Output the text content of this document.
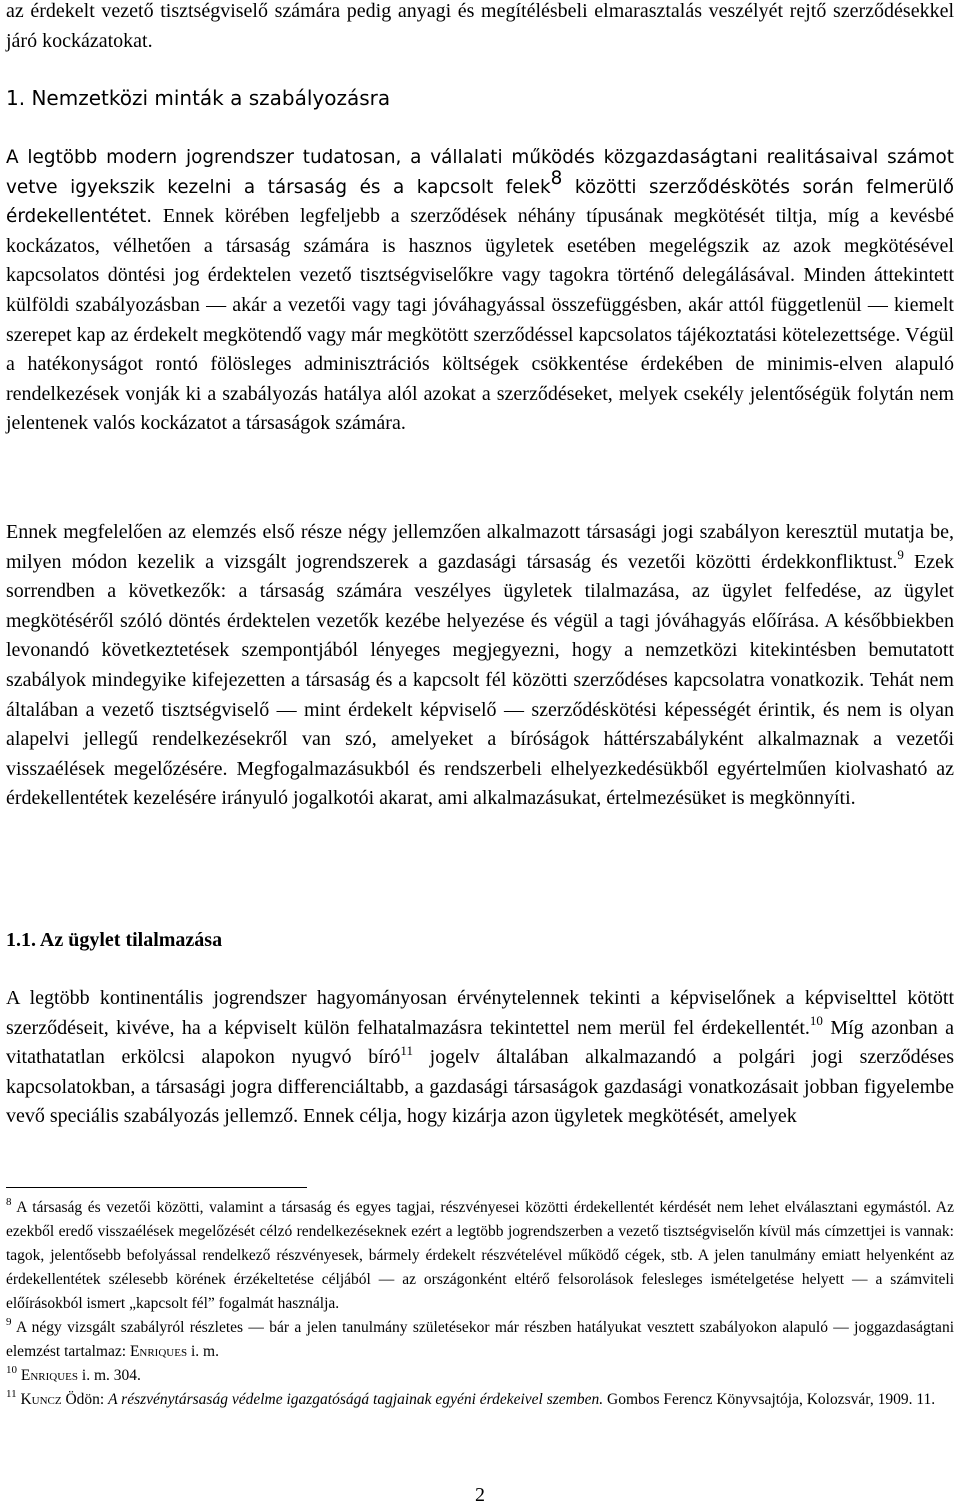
az érdekelt vezető tisztségviselő számára pedig anyagi és megítélésbeli elmarasztalás veszélyét rejtő szerződésekkel járó kockázatokat.

1. Nemzetközi minták a szabályozásra

A legtöbb modern jogrendszer tudatosan, a vállalati működés közgazdaságtani realitásaival számot vetve igyekszik kezelni a társaság és a kapcsolt felek$^8$ közötti szerződéskötés során felmerülő érdekellentétet. Ennek körében legfeljebb a szerződések néhány típusának megkötését tiltja, míg a kevésbé kockázatos, vélhetően a társaság számára is hasznos ügyletek esetében megelégszik az azok megkötésével kapcsolatos döntési jog érdektelen vezető tisztségviselőkre vagy tagokra történő delegálásával. Minden áttekintett külföldi szabályozásban ― akár a vezetői vagy tagi jóváhagyással összefüggésben, akár attól függetlenül ― kiemelt szerepet kap az érdekelt megkötendő vagy már megkötött szerződéssel kapcsolatos tájékoztatási kötelezettsége. Végül a hatékonyságot rontó fölösleges adminisztrációs költségek csökkentése érdekében de minimis-elven alapuló rendelkezések vonják ki a szabályozás hatálya alól azokat a szerződéseket, melyek csekély jelentőségük folytán nem jelentenek valós kockázatot a társaságok számára.

Ennek megfelelően az elemzés első része négy jellemzően alkalmazott társasági jogi szabályon keresztül mutatja be, milyen módon kezelik a vizsgált jogrendszerek a gazdasági társaság és vezetői közötti érdekkonfliktust.$^9$ Ezek sorrendben a következők: a társaság számára veszélyes ügyletek tilalmazása, az ügylet felfedése, az ügylet megkötéséről szóló döntés érdektelen vezetők kezébe helyezése és végül a tagi jóváhagyás előírása. A későbbiekben levonandó következtetések szempontjából lényeges megjegyezni, hogy a nemzetközi kitekintésben bemutatott szabályok mindegyike kifejezetten a társaság és a kapcsolt fél közötti szerződéses kapcsolatra vonatkozik. Tehát nem általában a vezető tisztségviselő ― mint érdekelt képviselő ― szerződéskötési képességét érintik, és nem is olyan alapelvi jellegű rendelkezésekről van szó, amelyeket a bíróságok háttérszabályként alkalmaznak a vezetői visszaélések megelőzésére. Megfogalmazásukból és rendszerbeli elhelyezkedésükből egyértelműen kiolvasható az érdekellentétek kezelésére irányuló jogalkotói akarat, ami alkalmazásukat, értelmezésüket is megkönnyíti.

1.1. Az ügylet tilalmazása

A legtöbb kontinentális jogrendszer hagyományosan érvénytelennek tekinti a képviselőnek a képviselttel kötött szerződéseit, kivéve, ha a képviselt külön felhatalmazásra tekintettel nem merül fel érdekellentét.$^{10}$ Míg azonban a vitathatatlan erkölcsi alapokon nyugvó bíró$^{11}$ jogelv általában alkalmazandó a polgári jogi szerződéses kapcsolatokban, a társasági jogra differenciáltabb, a gazdasági társaságok gazdasági vonatkozásait jobban figyelembe vevő speciális szabályozás jellemző. Ennek célja, hogy kizárja azon ügyletek megkötését, amelyek

$^8$ A társaság és vezetői közötti, valamint a társaság és egyes tagjai, részvényesei közötti érdekellentét kérdését nem lehet elválasztani egymástól. Az ezekből eredő visszaélések megelőzését célzó rendelkezéseknek ezért a legtöbb jogrendszerben a vezető tisztségviselőn kívül más címzettjei is vannak: tagok, jelentősebb befolyással rendelkező részvényesek, bármely érdekelt részvételével működő cégek, stb. A jelen tanulmány emiatt helyenként az érdekellentétek szélesebb körének érzékeltetése céljából ― az országonként eltérő felsorolások felesleges ismételgetése helyett ― a számviteli előírásokból ismert „kapcsolt fél” fogalmát használja.

$^9$ A négy vizsgált szabályról részletes ― bár a jelen tanulmány születésekor már részben hatályukat vesztett szabályokon alapuló ― joggazdaságtani elemzést tartalmaz: Enriques i. m.

$^{10}$ Enriques i. m. 304.

$^{11}$ Kuncz Ödön: A részvénytársaság védelme igazgatóságá tagjainak egyéni érdekeivel szemben. Gombos Ferencz Könyvsajtója, Kolozsvár, 1909. 11.

2
